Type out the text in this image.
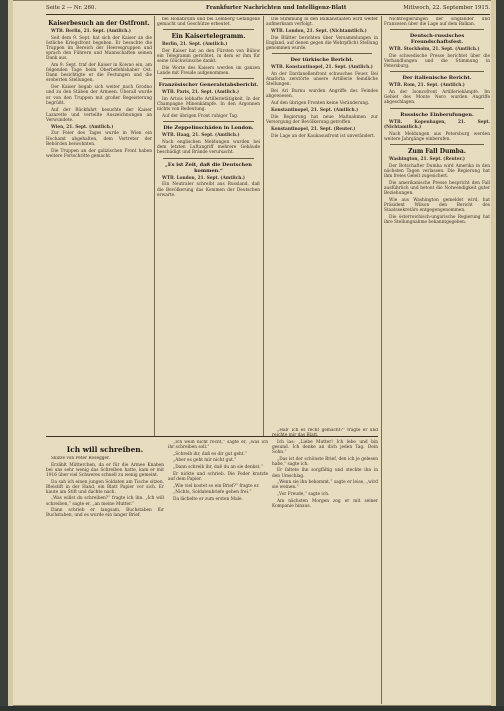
Seite 2 — Nr. 260.	Frankfurter Nachrichten und Intelligenz-Blatt	Mittwoch, 22. September 1915.
Kaiserbesuch an der Ostfront.

WTB. Berlin, 21. Sept. (Amtlich.)

Seit dem 9. Sept. hat sich der Kaiser an die östliche Kriegsfront begeben. Er besuchte die Truppen im Bereich der Heeresgruppen und sprach den Führern und Mannschaften seinen Dank aus.

Am 9. Sept. traf der Kaiser in Kowno ein, am folgenden Tage beim Oberbefehlshaber Ost. Dann besichtigte er die Festungen und die eroberten Stellungen.

Der Kaiser begab sich weiter nach Grodno und zu den Stäben der Armeen. Überall wurde er von den Truppen mit großer Begeisterung begrüßt.

Auf der Rückfahrt besuchte der Kaiser Lazarette und verteilte Auszeichnungen an Verwundete.

Wien, 21. Sept. (Amtlich.)

Zur Feier des Tages wurde in Wien ein Hochamt abgehalten, dem Vertreter der Behörden beiwohnten.

Die Truppen an der galizischen Front haben weitere Fortschritte gemacht.

bei Hollabrunn und bei Lemberg Gefangene gemacht und Geschütze erbeutet.

Ein Kaisertelegramm.

Berlin, 21. Sept. (Amtlich.)

Der Kaiser hat an den Fürsten von Bülow ein Telegramm gerichtet, in dem er ihm für seine Glückwünsche dankt.

Die Worte des Kaisers werden im ganzen Lande mit Freude aufgenommen.

Französischer Generalstabsbericht.

WTB. Paris, 21. Sept. (Amtlich.)

Im Artois lebhafte Artillerietätigkeit. In der Champagne Minenkämpfe. In den Argonnen nichts von Bedeutung.

Auf der übrigen Front ruhiger Tag.

Die Zeppelinschäden in London.

WTB. Haag, 21. Sept. (Amtlich.)

Nach englischen Meldungen wurden bei dem letzten Luftangriff mehrere Gebäude beschädigt und Brände verursacht.

„Es ist Zeit, daß die Deutschen kommen.“

WTB. London, 21. Sept. (Amtlich.)

Ein Neutraler schreibt aus Russland, daß die Bevölkerung das Kommen der Deutschen erwarte.

Die Stimmung in den Balkanstaaten wird weiter aufmerksam verfolgt.

WTB. London, 21. Sept. (Nichtamtlich.)

Die Blätter berichten über Versammlungen in England, auf denen gegen die Wehrpflicht Stellung genommen wurde.

Der türkische Bericht.

WTB. Konstantinopel, 21. Sept. (Amtlich.)

An der Dardanellenfront schwaches Feuer. Bei Anaforta zerstörte unsere Artillerie feindliche Stellungen.

Bei Ari Burnu wurden Angriffe des Feindes abgewiesen.

Auf den übrigen Fronten keine Veränderung.

Konstantinopel, 21. Sept. (Amtlich.)

Die Regierung hat neue Maßnahmen zur Versorgung der Bevölkerung getroffen.

Konstantinopel, 21. Sept. (Reuter.)

Die Lage an der Kaukasusfront ist unverändert.

Nichtregierungen der Engländer und Franzosen über die Lage auf dem Balkan.

Deutsch-russisches Freundschaftsfest.

WTB. Stockholm, 21. Sept. (Amtlich.)

Die schwedische Presse berichtet über die Verhandlungen und die Stimmung in Petersburg.

Der italienische Bericht.

WTB. Rom, 21. Sept. (Amtlich.)

An der Isonzofront Artilleriekämpfe. Im Gebiet des Monte Nero wurden Angriffe abgeschlagen.

Russische Einberufungen.

WTB. Kopenhagen, 21. Sept. (Nichtamtlich.)

Nach Meldungen aus Petersburg werden weitere Jahrgänge einberufen.

Zum Fall Dumba.

Washington, 21. Sept. (Reuter.)

Der Botschafter Dumba wird Amerika in den nächsten Tagen verlassen. Die Regierung hat ihm freies Geleit zugesichert.

Die amerikanische Presse bespricht den Fall ausführlich und betont die Notwendigkeit guter Beziehungen.

Wie aus Washington gemeldet wird, hat Präsident Wilson den Bericht des Staatssekretärs entgegengenommen.

Die österreichisch-ungarische Regierung hat ihre Stellungnahme bekanntgegeben.

Ich will schreiben.

Skizze von Peter Rosegger.

Erzählt Mütterchen, da er für die Armee Knaben bei uns sehr wenig das Schreiben hatte, kam er mit 1916 über viel Schweres schnell zu wenig gemeint.

Da sah ich einen jungen Soldaten am Tische sitzen, Bleistift in der Hand, ein Blatt Papier vor sich. Er kaute am Stift und dachte nach.

„Was willst du schreiben?“ fragte ich ihn. „Ich will schreiben,“ sagte er, „an meine Mutter.“

Dann schrieb er langsam, Buchstaben für Buchstaben, und es wurde ein langer Brief.

„Ich weiß nicht recht,“ sagte er, „was ich ihr schreiben soll.“

„Schreib ihr, daß es dir gut geht.“

„Aber es geht mir nicht gut.“

„Dann schreib ihr, daß du an sie denkst.“

Er nickte und schrieb. Die Feder kratzte auf dem Papier.

„Wie viel kostet so ein Brief?“ fragte er.

„Nichts, Soldatenbriefe gehen frei.“

Da lächelte er zum ersten Male.

„Hab' ich es recht gemacht?“ fragte er und reichte mir das Blatt.

Ich las: „Liebe Mutter! Ich lebe und bin gesund. Ich denke an dich jeden Tag. Dein Sohn.“

„Das ist der schönste Brief, den ich je gelesen habe,“ sagte ich.

Er faltete ihn sorgfältig und steckte ihn in den Umschlag.

„Wenn sie ihn bekommt,“ sagte er leise, „wird sie weinen.“

„Vor Freude,“ sagte ich.

Am nächsten Morgen zog er mit seiner Kompanie hinaus.
